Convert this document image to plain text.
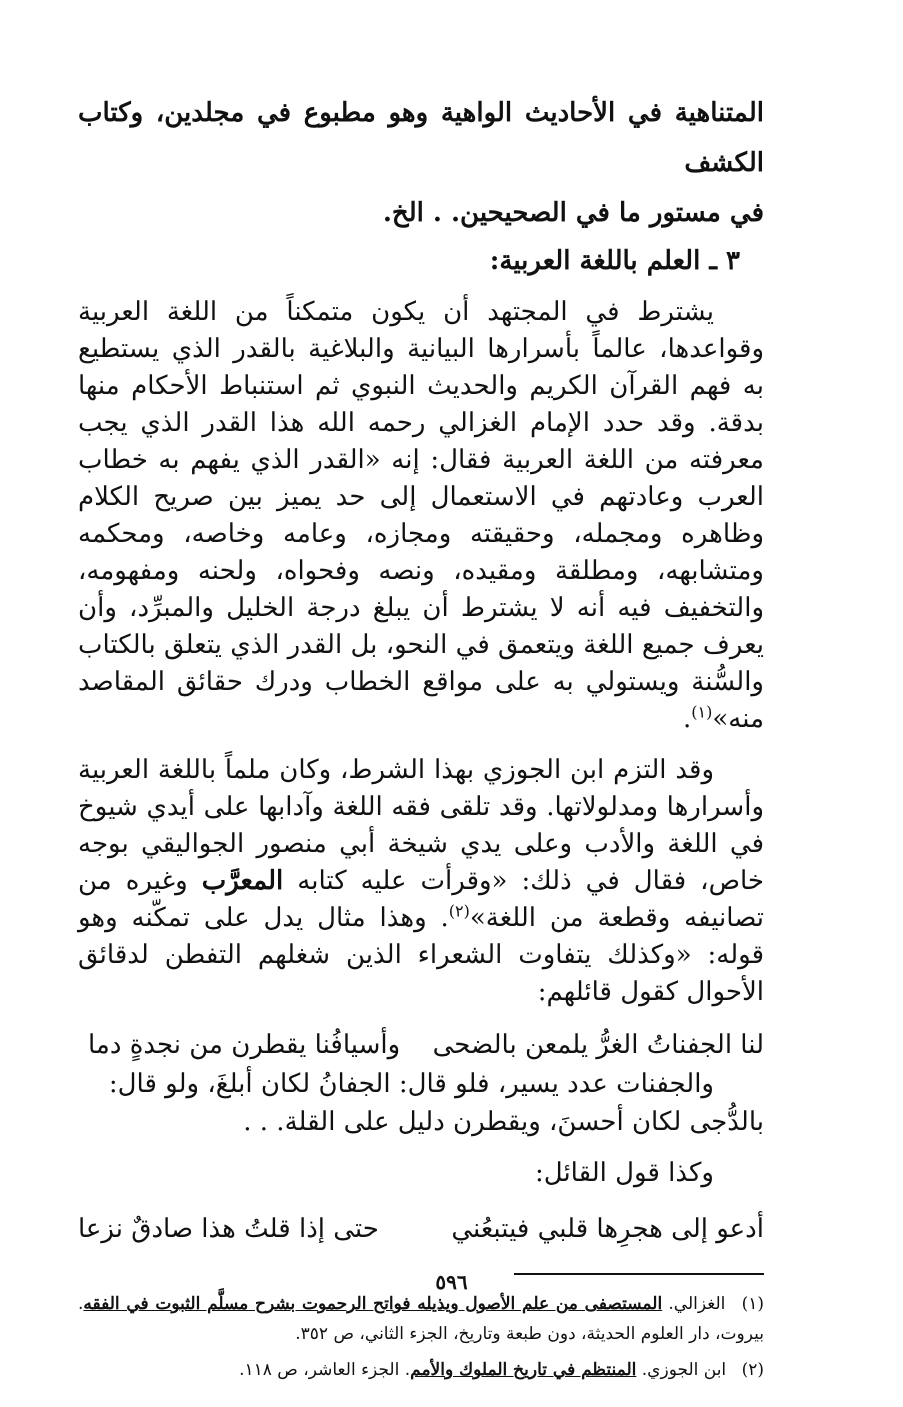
المتناهية في الأحاديث الواهية وهو مطبوع في مجلدين، وكتاب الكشف
في مستور ما في الصحيحين. . الخ.
٣ ـ العلم باللغة العربية:

يشترط في المجتهد أن يكون متمكناً من اللغة العربية وقواعدها، عالماً بأسرارها البيانية والبلاغية بالقدر الذي يستطيع به فهم القرآن الكريم والحديث النبوي ثم استنباط الأحكام منها بدقة. وقد حدد الإمام الغزالي رحمه الله هذا القدر الذي يجب معرفته من اللغة العربية فقال: إنه «القدر الذي يفهم به خطاب العرب وعادتهم في الاستعمال إلى حد يميز بين صريح الكلام وظاهره ومجمله، وحقيقته ومجازه، وعامه وخاصه، ومحكمه ومتشابهه، ومطلقة ومقيده، ونصه وفحواه، ولحنه ومفهومه، والتخفيف فيه أنه لا يشترط أن يبلغ درجة الخليل والمبرِّد، وأن يعرف جميع اللغة ويتعمق في النحو، بل القدر الذي يتعلق بالكتاب والسُّنة ويستولي به على مواقع الخطاب ودرك حقائق المقاصد منه»$^{(١)}$.

وقد التزم ابن الجوزي بهذا الشرط، وكان ملماً باللغة العربية وأسرارها ومدلولاتها. وقد تلقى فقه اللغة وآدابها على أيدي شيوخ في اللغة والأدب وعلى يدي شيخة أبي منصور الجواليقي بوجه خاص، فقال في ذلك: «وقرأت عليه كتابه المعرَّب وغيره من تصانيفه وقطعة من اللغة»$^{(٢)}$. وهذا مثال يدل على تمكّنه وهو قوله: «وكذلك يتفاوت الشعراء الذين شغلهم التفطن لدقائق الأحوال كقول قائلهم:

لنا الجفناتُ الغرُّ يلمعن بالضحى
وأسيافُنا يقطرن من نجدةٍ دما

والجفنات عدد يسير، فلو قال: الجفانُ لكان أبلغَ، ولو قال:

بالدُّجى لكان أحسنَ، ويقطرن دليل على القلة. . .

وكذا قول القائل:
أدعو إلى هجرِها قلبي فيتبعُني
حتى إذا قلتُ هذا صادقٌ نزعا
(١) الغزالي. المستصفى من علم الأصول ويذيله فواتح الرحموت بشرح مسلَّم الثبوت في الفقه. بيروت، دار العلوم الحديثة، دون طبعة وتاريخ، الجزء الثاني، ص ٣٥٢.
(٢) ابن الجوزي. المنتظم في تاريخ الملوك والأمم. الجزء العاشر، ص ١١٨.
٥٩٦
